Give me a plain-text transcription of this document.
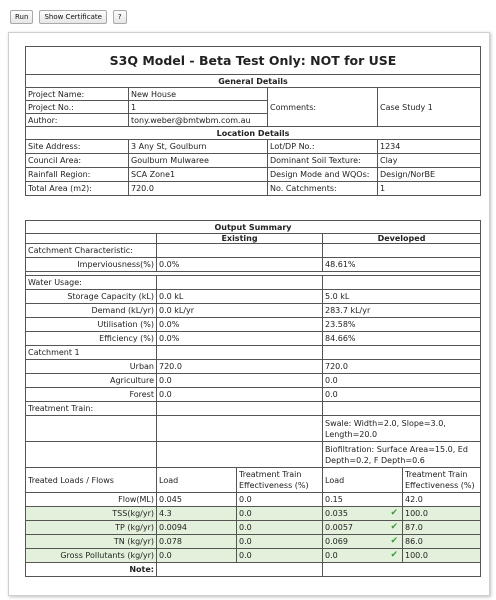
Run	Show Certificate	?
S3Q Model - Beta Test Only: NOT for USE			
General Details			
Project Name:	New House	Comments:	Case Study 1
Project No.:	1		
Author:	tony.weber@bmtwbm.com.au		
Location Details			
Site Address:	3 Any St, Goulburn	Lot/DP No.:	1234
Council Area:	Goulburn Mulwaree	Dominant Soil Texture:	Clay
Rainfall Region:	SCA Zone1	Design Mode and WQOs:	Design/NorBE
Total Area (m2):	720.0	No. Catchments:	1
Output Summary				
	Existing		Developed	
Catchment Characteristic:				
Imperviousness(%)	0.0%		48.61%	

Water Usage:				
Storage Capacity (kL)	0.0 kL		5.0 kL	
Demand (kL/yr)	0.0 kL/yr		283.7 kL/yr	
Utilisation (%)	0.0%		23.58%	
Efficiency (%)	0.0%		84.66%	
Catchment 1				
Urban	720.0		720.0	
Agriculture	0.0		0.0	
Forest	0.0		0.0	
Treatment Train:				
			Swale: Width=2.0, Slope=3.0, Length=20.0	
			Biofiltration: Surface Area=15.0, Ed Depth=0.2, F Depth=0.6	
Treated Loads / Flows	Load	Treatment Train Effectiveness (%)	Load	Treatment Train Effectiveness (%)
Flow(ML)	0.045	0.0	0.15	42.0
TSS(kg/yr)	4.3	0.0	0.035 ✔	100.0
TP (kg/yr)	0.0094	0.0	0.0057 ✔	87.0
TN (kg/yr)	0.078	0.0	0.069 ✔	86.0
Gross Pollutants (kg/yr)	0.0	0.0	0.0 ✔	100.0
Note:				
